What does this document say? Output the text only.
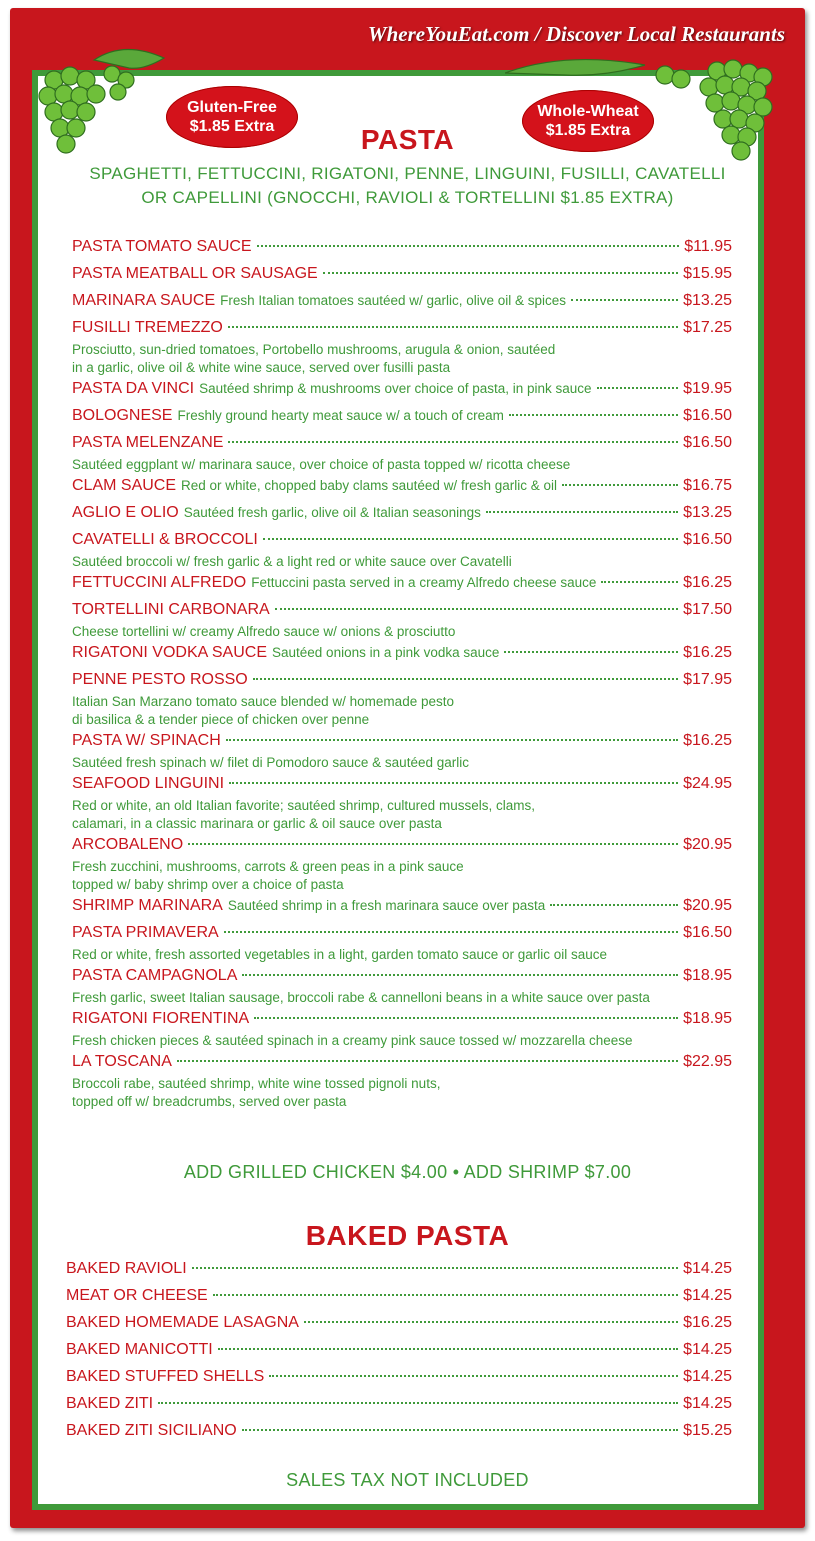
WhereYouEat.com / Discover Local Restaurants
Gluten-Free
$1.85 Extra
Whole-Wheat
$1.85 Extra
PASTA
SPAGHETTI, FETTUCCINI, RIGATONI, PENNE, LINGUINI, FUSILLI, CAVATELLI
OR CAPELLINI (GNOCCHI, RAVIOLI & TORTELLINI $1.85 EXTRA)
PASTA TOMATO SAUCE	$11.95
PASTA MEATBALL OR SAUSAGE	$15.95
MARINARA SAUCE Fresh Italian tomatoes sautéed w/ garlic, olive oil & spices	$13.25
FUSILLI TREMEZZO	$17.25
Prosciutto, sun-dried tomatoes, Portobello mushrooms, arugula & onion, sautéed
in a garlic, olive oil & white wine sauce, served over fusilli pasta
PASTA DA VINCI Sautéed shrimp & mushrooms over choice of pasta, in pink sauce	$19.95
BOLOGNESE Freshly ground hearty meat sauce w/ a touch of cream	$16.50
PASTA MELENZANE	$16.50
Sautéed eggplant w/ marinara sauce, over choice of pasta topped w/ ricotta cheese
CLAM SAUCE Red or white, chopped baby clams sautéed w/ fresh garlic & oil	$16.75
AGLIO E OLIO Sautéed fresh garlic, olive oil & Italian seasonings	$13.25
CAVATELLI & BROCCOLI	$16.50
Sautéed broccoli w/ fresh garlic & a light red or white sauce over Cavatelli
FETTUCCINI ALFREDO Fettuccini pasta served in a creamy Alfredo cheese sauce	$16.25
TORTELLINI CARBONARA	$17.50
Cheese tortellini w/ creamy Alfredo sauce w/ onions & prosciutto
RIGATONI VODKA SAUCE Sautéed onions in a pink vodka sauce	$16.25
PENNE PESTO ROSSO	$17.95
Italian San Marzano tomato sauce blended w/ homemade pesto
di basilica & a tender piece of chicken over penne
PASTA W/ SPINACH	$16.25
Sautéed fresh spinach w/ filet di Pomodoro sauce & sautéed garlic
SEAFOOD LINGUINI	$24.95
Red or white, an old Italian favorite; sautéed shrimp, cultured mussels, clams,
calamari, in a classic marinara or garlic & oil sauce over pasta
ARCOBALENO	$20.95
Fresh zucchini, mushrooms, carrots & green peas in a pink sauce
topped w/ baby shrimp over a choice of pasta
SHRIMP MARINARA Sautéed shrimp in a fresh marinara sauce over pasta	$20.95
PASTA PRIMAVERA	$16.50
Red or white, fresh assorted vegetables in a light, garden tomato sauce or garlic oil sauce
PASTA CAMPAGNOLA	$18.95
Fresh garlic, sweet Italian sausage, broccoli rabe & cannelloni beans in a white sauce over pasta
RIGATONI FIORENTINA	$18.95
Fresh chicken pieces & sautéed spinach in a creamy pink sauce tossed w/ mozzarella cheese
LA TOSCANA	$22.95
Broccoli rabe, sautéed shrimp, white wine tossed pignoli nuts,
topped off w/ breadcrumbs, served over pasta
ADD GRILLED CHICKEN $4.00 • ADD SHRIMP $7.00
BAKED PASTA
BAKED RAVIOLI	$14.25
MEAT OR CHEESE	$14.25
BAKED HOMEMADE LASAGNA	$16.25
BAKED MANICOTTI	$14.25
BAKED STUFFED SHELLS	$14.25
BAKED ZITI	$14.25
BAKED ZITI SICILIANO	$15.25
SALES TAX NOT INCLUDED
